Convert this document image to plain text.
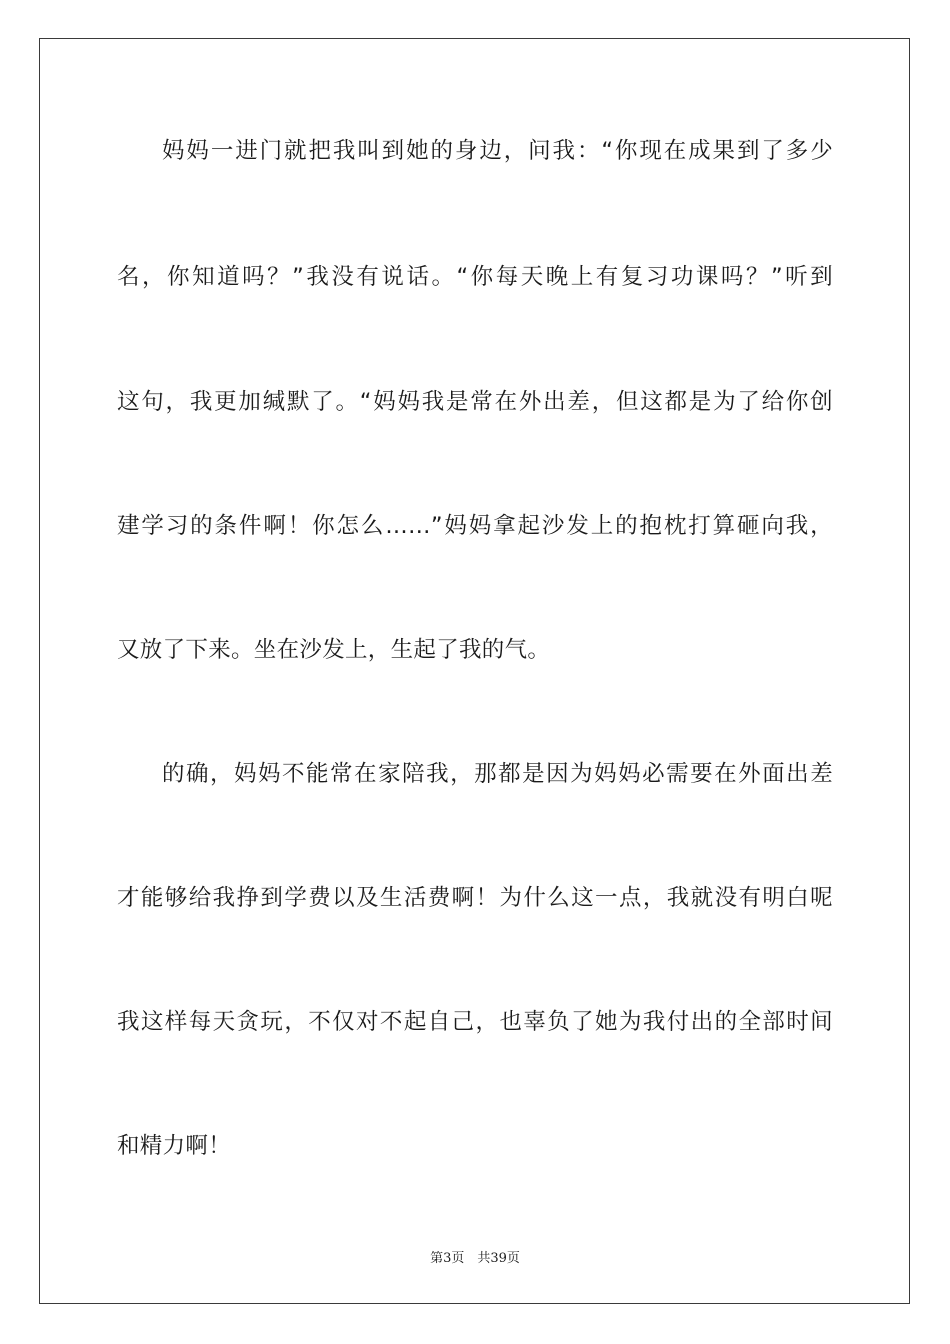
妈妈一进门就把我叫到她的身边，问我：“你现在成果到了多少
名，你知道吗？”我没有说话。“你每天晚上有复习功课吗？”听到
这句，我更加缄默了。“妈妈我是常在外出差，但这都是为了给你创
建学习的条件啊！你怎么……”妈妈拿起沙发上的抱枕打算砸向我，
又放了下来。坐在沙发上，生起了我的气。
的确，妈妈不能常在家陪我，那都是因为妈妈必需要在外面出差
才能够给我挣到学费以及生活费啊！为什么这一点，我就没有明白呢
我这样每天贪玩，不仅对不起自己，也辜负了她为我付出的全部时间
和精力啊！
第3页　共39页
